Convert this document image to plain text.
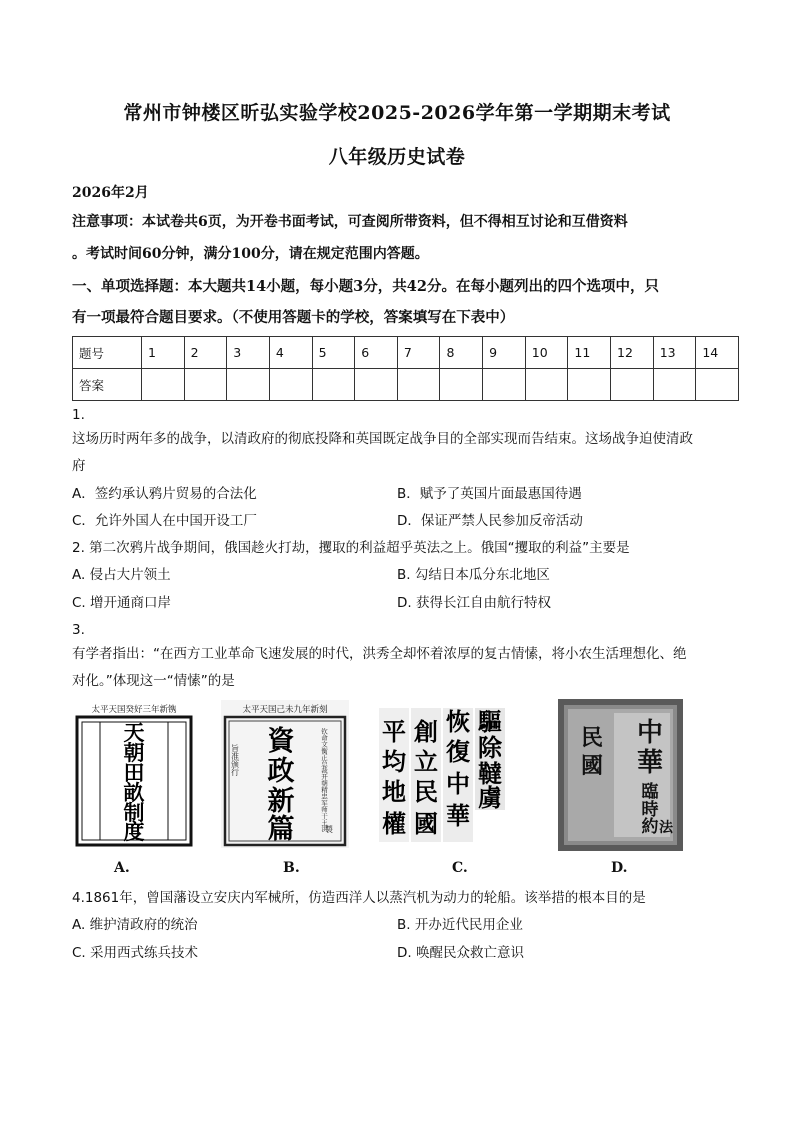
常州市钟楼区昕弘实验学校2025-2026学年第一学期期末考试
八年级历史试卷
2026年2月
注意事项：本试卷共6页，为开卷书面考试，可查阅所带资料，但不得相互讨论和互借资料
。考试时间60分钟，满分100分，请在规定范围内答题。
一、单项选择题：本大题共14小题，每小题3分，共42分。在每小题列出的四个选项中，只
有一项最符合题目要求。（不使用答题卡的学校，答案填写在下表中）
题号	1	2	3	4	5	6	7	8	9	10	11	12	13	14
答案														
1.
这场历时两年多的战争，以清政府的彻底投降和英国既定战争目的全部实现而告结束。这场战争迫使清政
府
A．签约承认鸦片贸易的合法化	B．赋予了英国片面最惠国待遇
C．允许外国人在中国开设工厂	D．保证严禁人民参加反帝活动
2. 第二次鸦片战争期间，俄国趁火打劫，攫取的利益超乎英法之上。俄国“攫取的利益”主要是
A. 侵占大片领土	B. 勾结日本瓜分东北地区
C. 增开通商口岸	D. 获得长江自由航行特权
3.
有学者指出：“在西方工业革命飞速发展的时代，洪秀全却怀着浓厚的复古情愫，将小农生活理想化、绝
对化。”体现这一“情愫”的是
太平天国癸好三年新镌
天
朝
田
畝
制
度
A.
太平天国己未九年新刻
旨准颁行	钦命文衡正总裁开朝精忠军师干王洪
製
資
政
新
篇
B.
驅
除
韃
虜
恢
復
中
華
創
立
民
國
平
均
地
權
C.
中
華
民
國
臨
時
約 法
D.
4.1861年，曾国藩设立安庆内军械所，仿造西洋人以蒸汽机为动力的轮船。该举措的根本目的是
A. 维护清政府的统治	B. 开办近代民用企业
C. 采用西式练兵技术	D. 唤醒民众救亡意识
